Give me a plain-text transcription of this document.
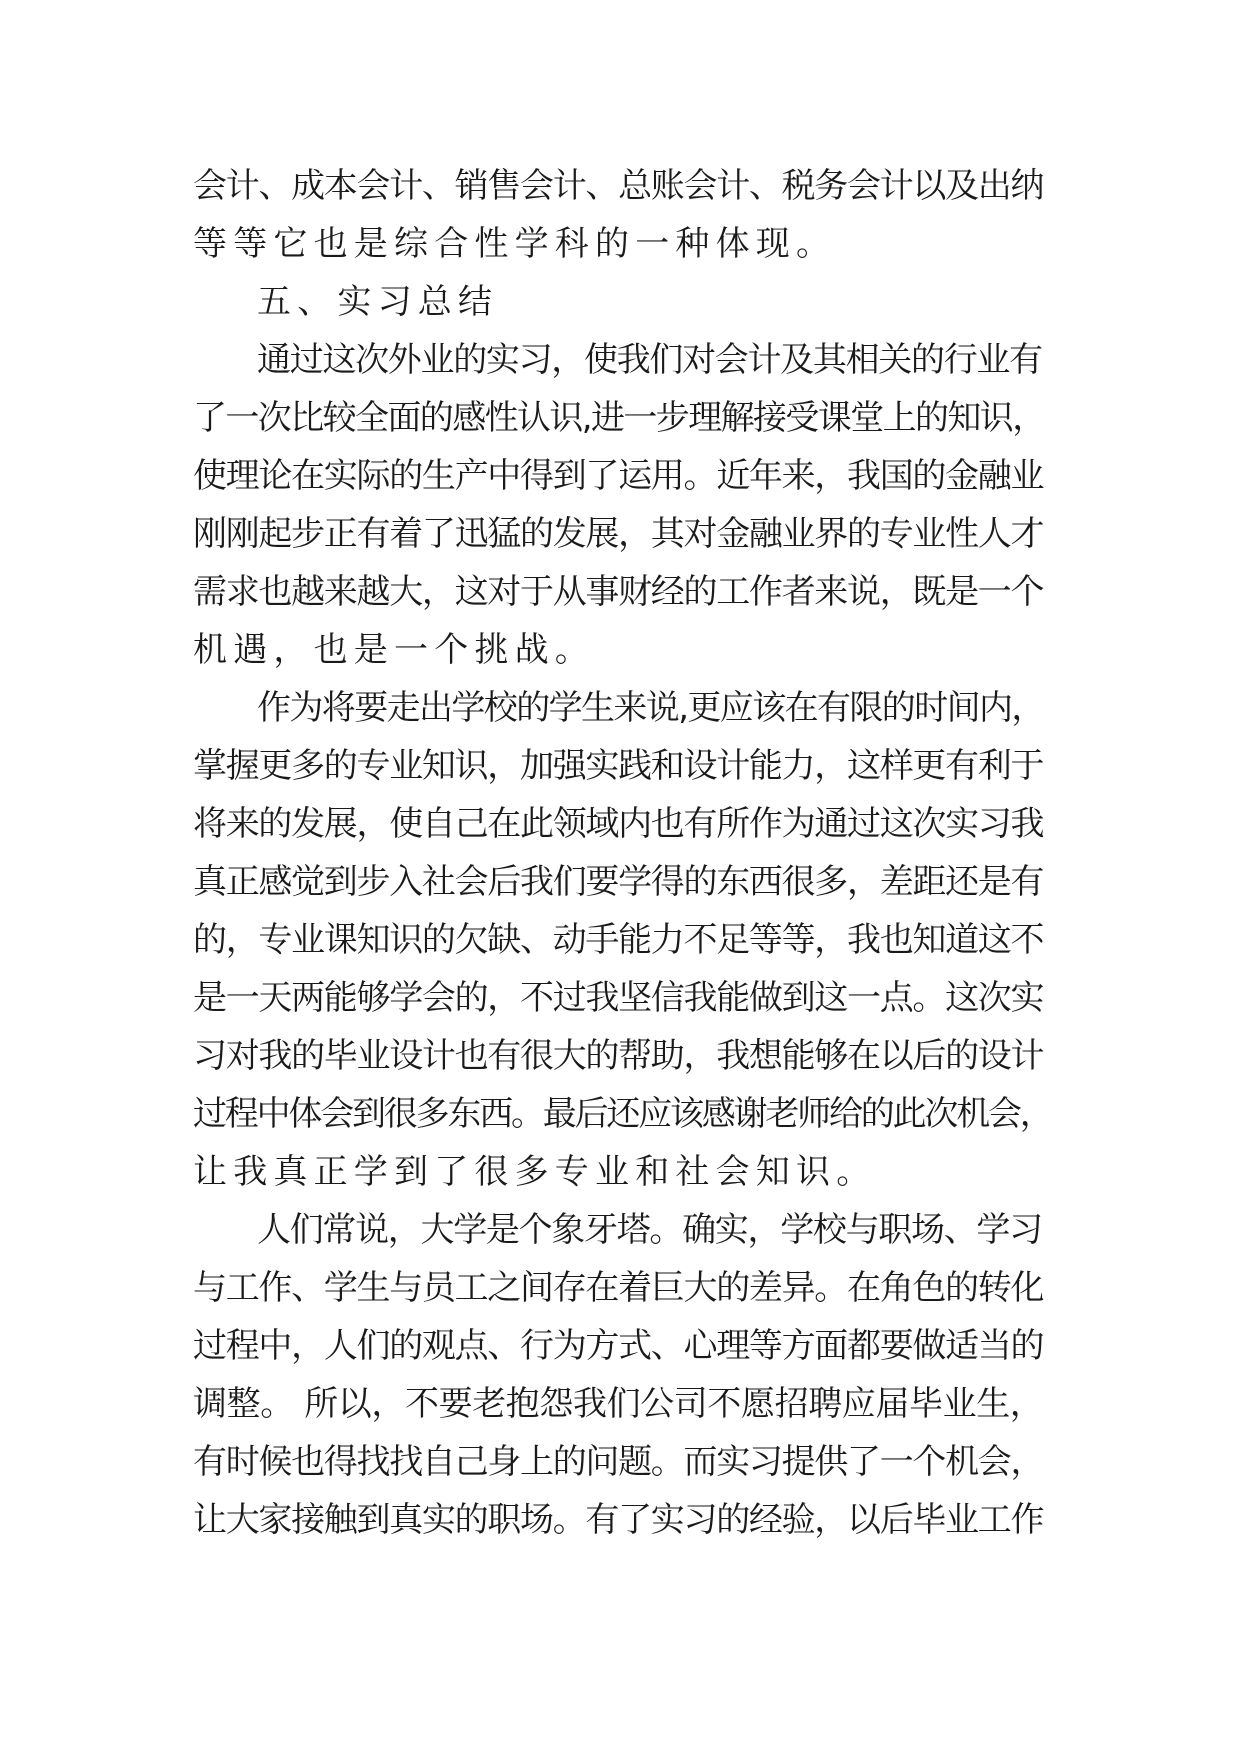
会计、成本会计、销售会计、总账会计、税务会计以及出纳
等等它也是综合性学科的一种体现。
五、实习总结
通过这次外业的实习，使我们对会计及其相关的行业有
了一次比较全面的感性认识,进一步理解接受课堂上的知识，
使理论在实际的生产中得到了运用。近年来，我国的金融业
刚刚起步正有着了迅猛的发展，其对金融业界的专业性人才
需求也越来越大，这对于从事财经的工作者来说，既是一个
机遇，也是一个挑战。
作为将要走出学校的学生来说,更应该在有限的时间内，
掌握更多的专业知识，加强实践和设计能力，这样更有利于
将来的发展，使自己在此领域内也有所作为通过这次实习我
真正感觉到步入社会后我们要学得的东西很多，差距还是有
的，专业课知识的欠缺、动手能力不足等等，我也知道这不
是一天两能够学会的，不过我坚信我能做到这一点。这次实
习对我的毕业设计也有很大的帮助，我想能够在以后的设计
过程中体会到很多东西。最后还应该感谢老师给的此次机会，
让我真正学到了很多专业和社会知识。
人们常说，大学是个象牙塔。确实，学校与职场、学习
与工作、学生与员工之间存在着巨大的差异。在角色的转化
过程中，人们的观点、行为方式、心理等方面都要做适当的
调整。 所以，不要老抱怨我们公司不愿招聘应届毕业生，
有时候也得找找自己身上的问题。而实习提供了一个机会，
让大家接触到真实的职场。有了实习的经验，以后毕业工作
